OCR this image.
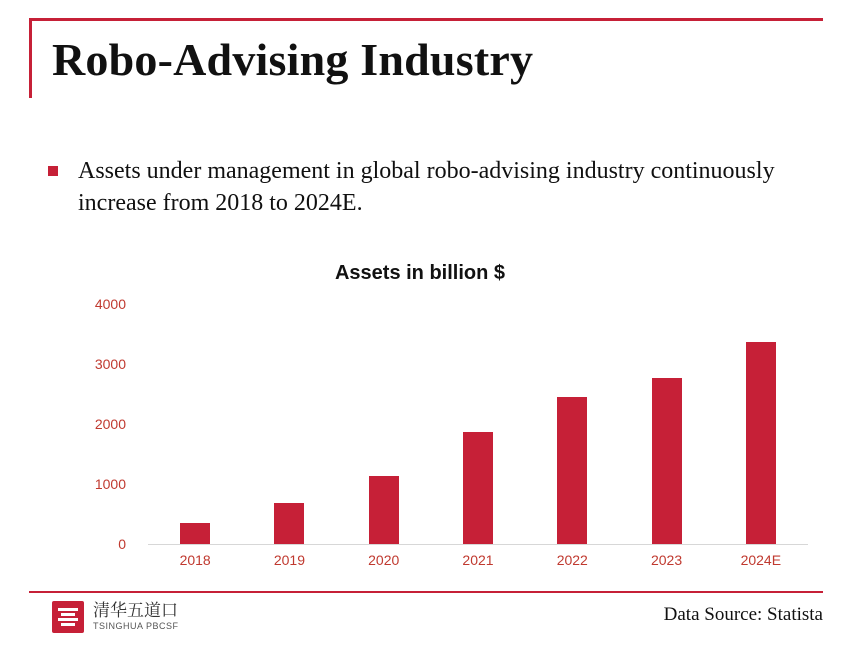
Robo-Advising Industry
Assets under management in global robo-advising industry continuously increase from 2018 to 2024E.
Assets in billion $
0
1000
2000
3000
4000
2018	2019	2020	2021	2022	2023	2024E
清华五道口
TSINGHUA PBCSF
Data Source: Statista
